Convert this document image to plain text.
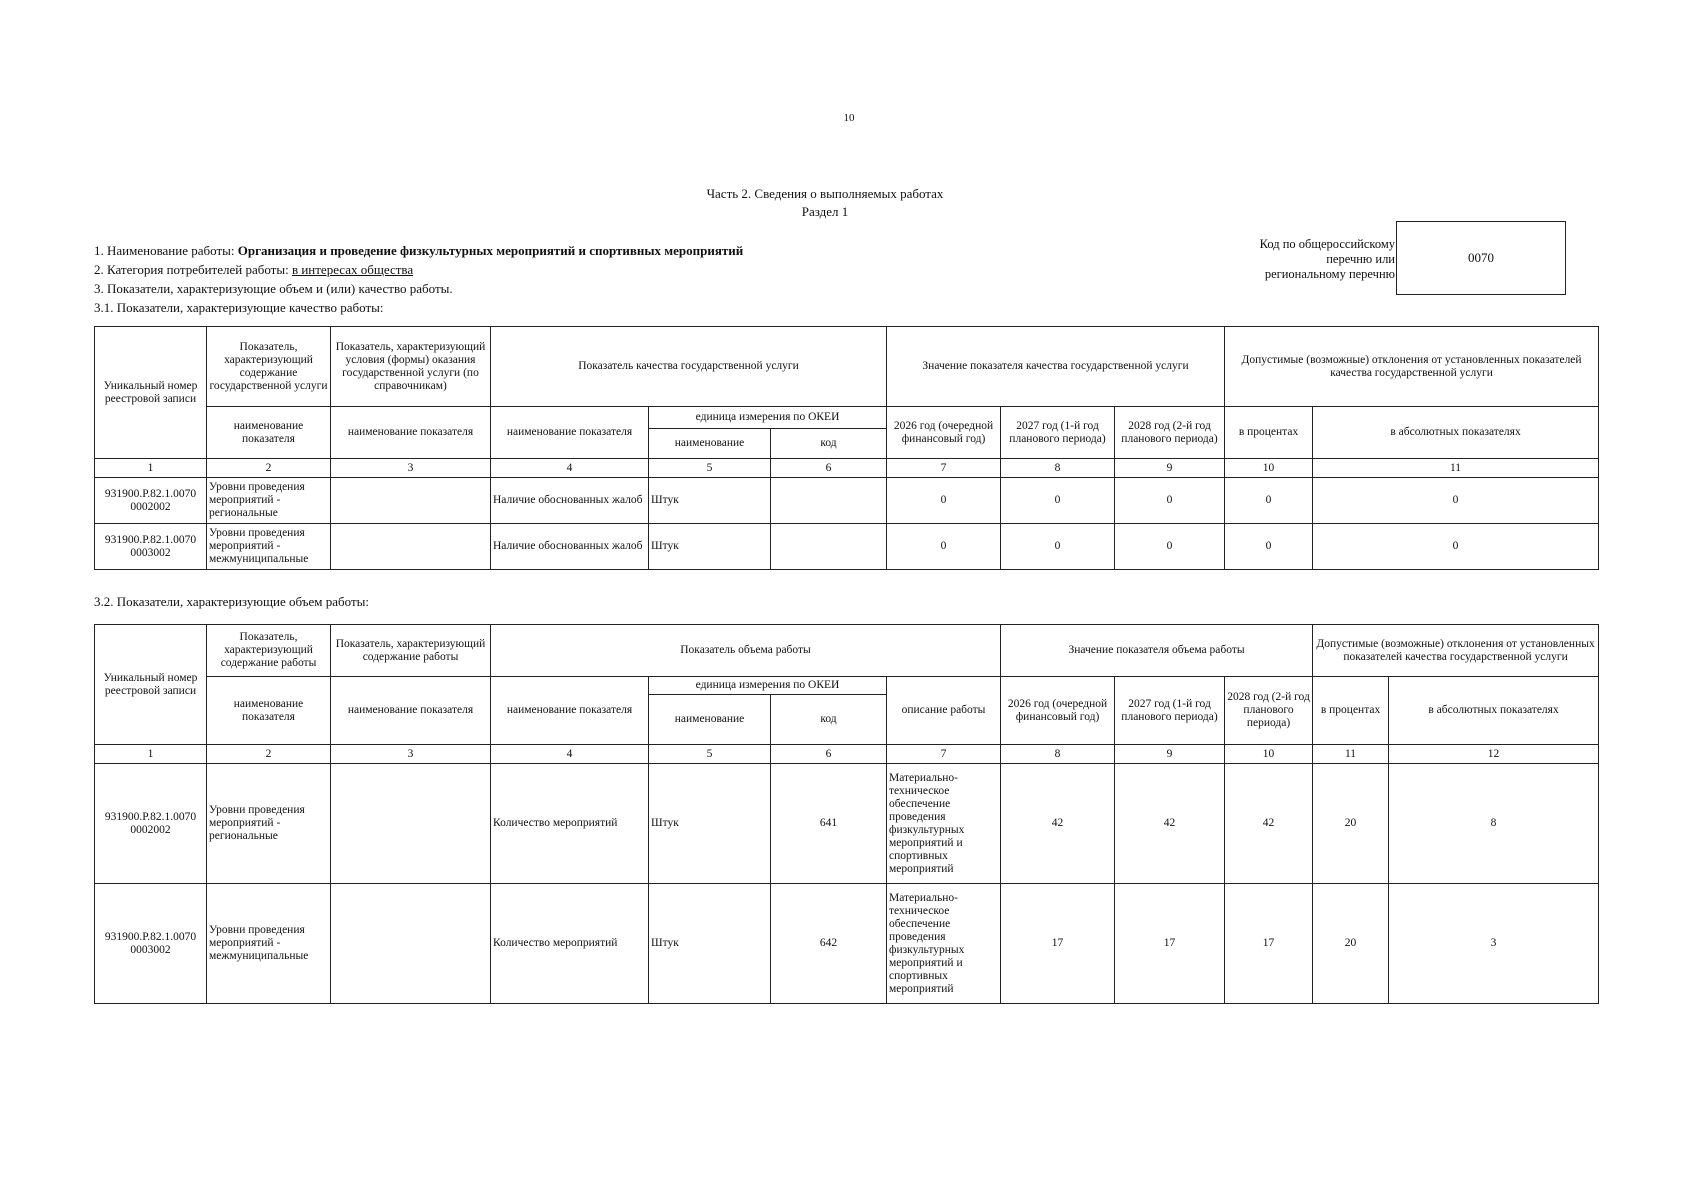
10
Часть 2. Сведения о выполняемых работах
Раздел 1
1. Наименование работы: Организация и проведение физкультурных мероприятий и спортивных мероприятий
2. Категория потребителей работы: в интересах общества
3. Показатели, характеризующие объем и (или) качество работы.
3.1. Показатели, характеризующие качество работы:
Код по общероссийскому
перечню или
региональному перечню
0070
Уникальный номер реестровой записи	Показатель, характеризующий содержание государственной услуги	Показатель, характеризующий условия (формы) оказания государственной услуги (по справочникам)	Показатель качества государственной услуги			Значение показателя качества государственной услуги			Допустимые (возможные) отклонения от установленных показателей качества государственной услуги	
	наименование показателя	наименование показателя	наименование показателя	единица измерения по ОКЕИ		2026 год (очередной финансовый год)	2027 год (1-й год планового периода)	2028 год (2-й год планового периода)	в процентах	в абсолютных показателях
				наименование	код					
1	2	3	4	5	6	7	8	9	10	11
931900.Р.82.1.0070 0002002	Уровни проведения мероприятий - региональные		Наличие обоснованных жалоб	Штук		0	0	0	0	0
931900.Р.82.1.0070 0003002	Уровни проведения мероприятий - межмуниципальные		Наличие обоснованных жалоб	Штук		0	0	0	0	0
3.2. Показатели, характеризующие объем работы:
Уникальный номер реестровой записи	Показатель, характеризующий содержание работы	Показатель, характеризующий содержание работы	Показатель объема работы				Значение показателя объема работы			Допустимые (возможные) отклонения от установленных показателей качества государственной услуги	
	наименование показателя	наименование показателя	наименование показателя	единица измерения по ОКЕИ		описание работы	2026 год (очередной финансовый год)	2027 год (1-й год планового периода)	2028 год (2-й год планового периода)	в процентах	в абсолютных показателях
				наименование	код						
1	2	3	4	5	6	7	8	9	10	11	12
931900.Р.82.1.0070 0002002	Уровни проведения мероприятий - региональные		Количество мероприятий	Штук	641	Материально-техническое обеспечение проведения физкультурных мероприятий и спортивных мероприятий	42	42	42	20	8
931900.Р.82.1.0070 0003002	Уровни проведения мероприятий - межмуниципальные		Количество мероприятий	Штук	642	Материально-техническое обеспечение проведения физкультурных мероприятий и спортивных мероприятий	17	17	17	20	3
